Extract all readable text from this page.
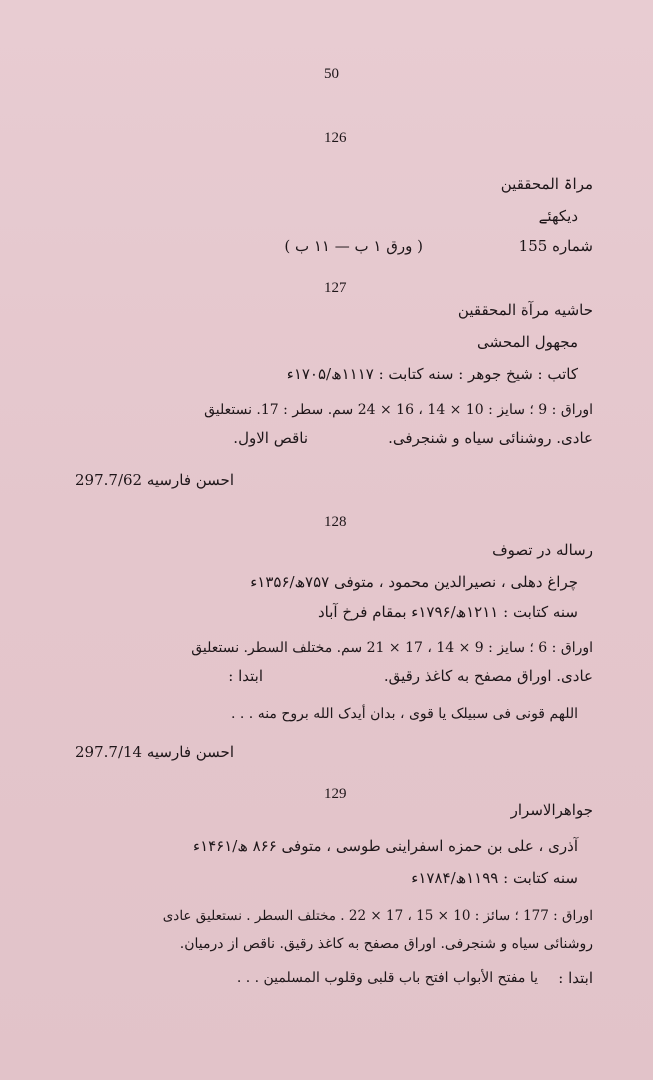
50
126
مراۃ المحققین
دیکھئے
شماره 155
( ورق ۱ ب — ۱۱ ب )
127
حاشیه مرآة المحققین
مجهول المحشی
کاتب : شیخ جوهر : سنه کتابت : ۱۱۱۷ھ/۱۷۰۵ء
اوراق : 9 ؛ سایز : 10 × 14 ، 16 × 24 سم. سطر : 17. نستعلیق
عادی. روشنائی سیاه و شنجرفی.
ناقص الاول.
احسن فارسیه 297.7/62
128
رساله در تصوف
چراغ دهلی ، نصیرالدین محمود ، متوفی ۷۵۷ھ/۱۳۵۶ء
سنه کتابت : ۱۲۱۱ھ/۱۷۹۶ء بمقام فرخ آباد
اوراق : 6 ؛ سایز : 9 × 14 ، 17 × 21 سم. مختلف السطر. نستعلیق
عادی. اوراق مصفح به کاغذ رقیق.
ابتدا :
اللهم قونی فی سبیلک یا قوی ، بدان أیدک الله بروح منه . . .
احسن فارسیه 297.7/14
129
جواهرالاسرار
آذری ، علی بن حمزه اسفراینی طوسی ، متوفی ۸۶۶ ھ/۱۴۶۱ء
سنه کتابت : ۱۱۹۹ھ/۱۷۸۴ء
اوراق : 177 ؛ سائز : 10 × 15 ، 17 × 22 . مختلف السطر . نستعلیق عادی
روشنائی سیاه و شنجرفی. اوراق مصفح به کاغذ رقیق. ناقص از درمیان.
ابتدا :
یا مفتح الأبواب افتح باب قلبی وقلوب المسلمین . . .
